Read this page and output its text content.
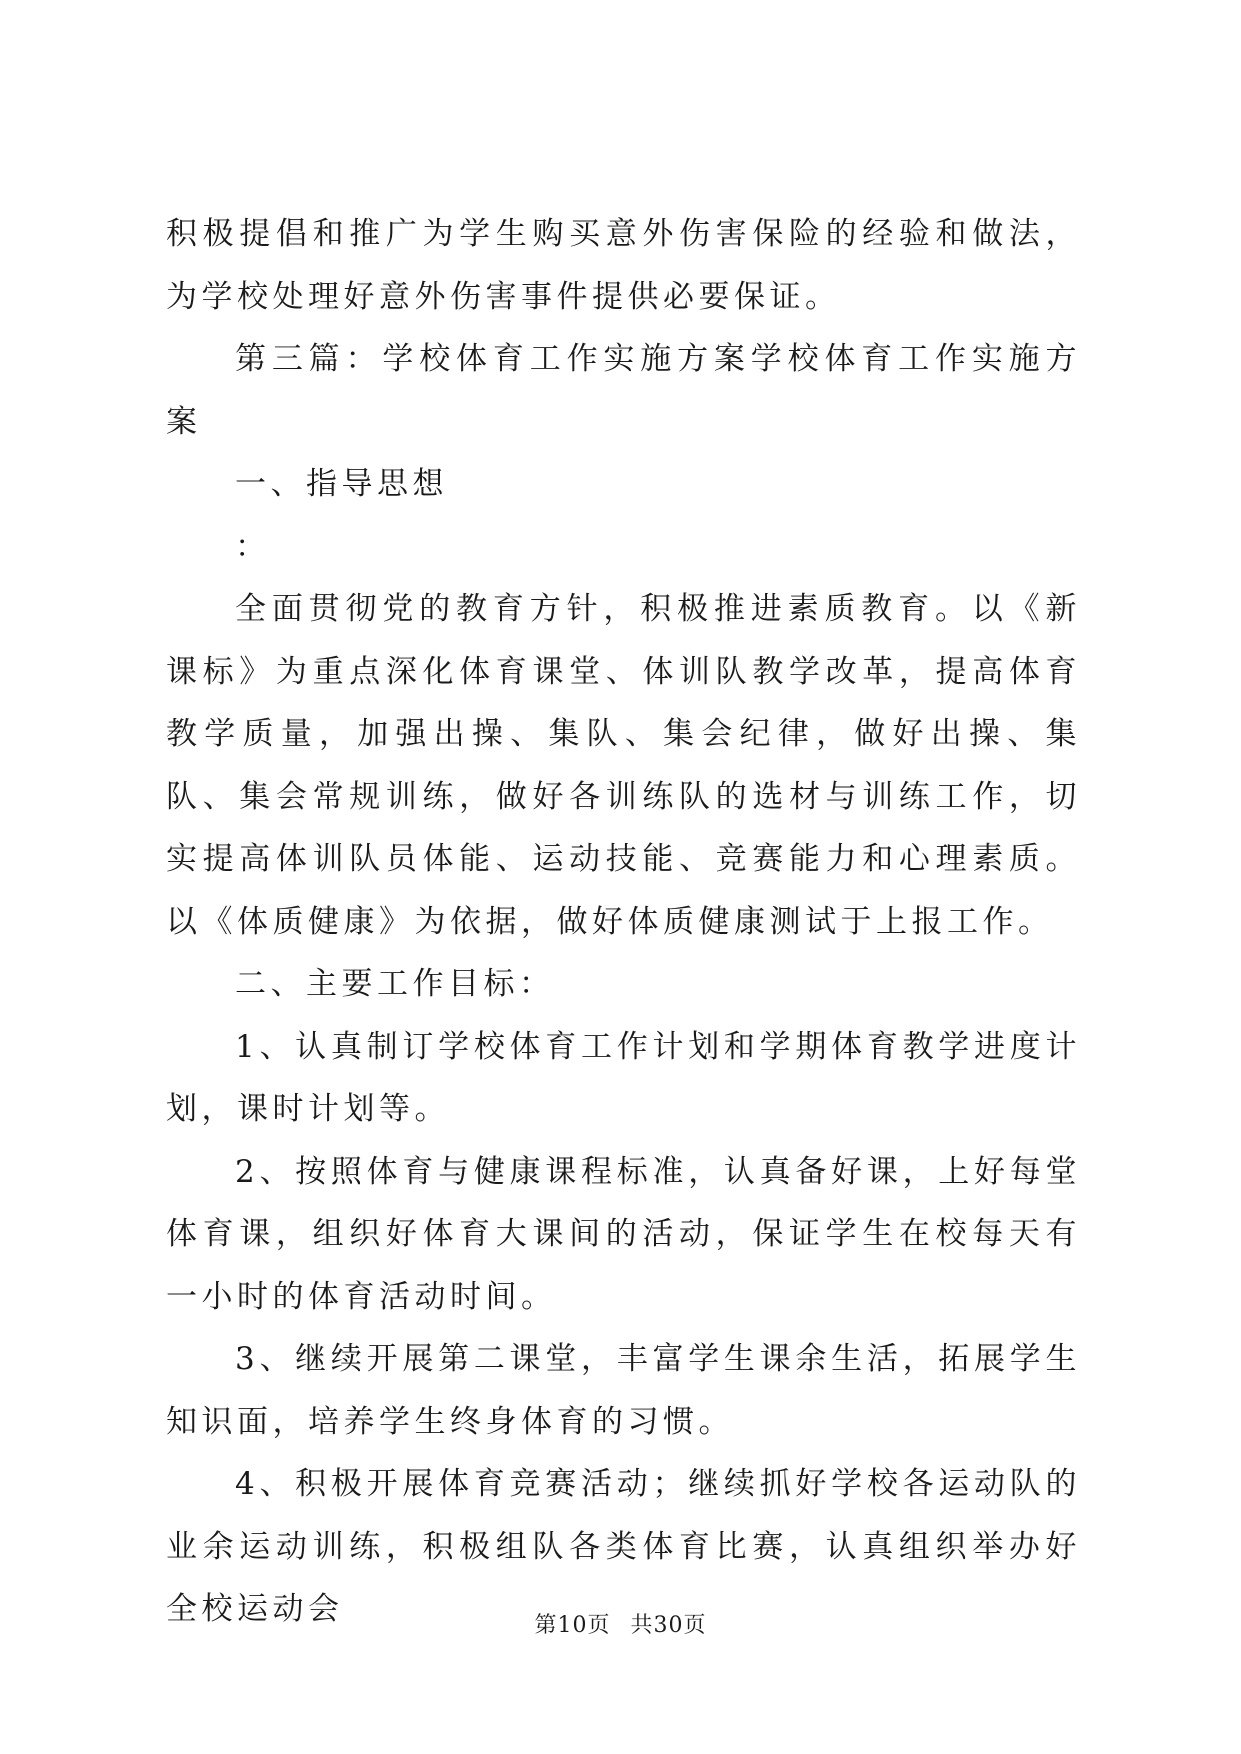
积极提倡和推广为学生购买意外伤害保险的经验和做法，为学校处理好意外伤害事件提供必要保证。

第三篇：学校体育工作实施方案学校体育工作实施方案

一、指导思想

：

全面贯彻党的教育方针，积极推进素质教育。以《新课标》为重点深化体育课堂、体训队教学改革，提高体育教学质量，加强出操、集队、集会纪律，做好出操、集队、集会常规训练，做好各训练队的选材与训练工作，切实提高体训队员体能、运动技能、竞赛能力和心理素质。以《体质健康》为依据，做好体质健康测试于上报工作。

二、主要工作目标：

1、认真制订学校体育工作计划和学期体育教学进度计划，课时计划等。

2、按照体育与健康课程标准，认真备好课，上好每堂体育课，组织好体育大课间的活动，保证学生在校每天有一小时的体育活动时间。

3、继续开展第二课堂，丰富学生课余生活，拓展学生知识面，培养学生终身体育的习惯。

4、积极开展体育竞赛活动；继续抓好学校各运动队的业余运动训练，积极组队各类体育比赛，认真组织举办好全校运动会	第10页 共30页
